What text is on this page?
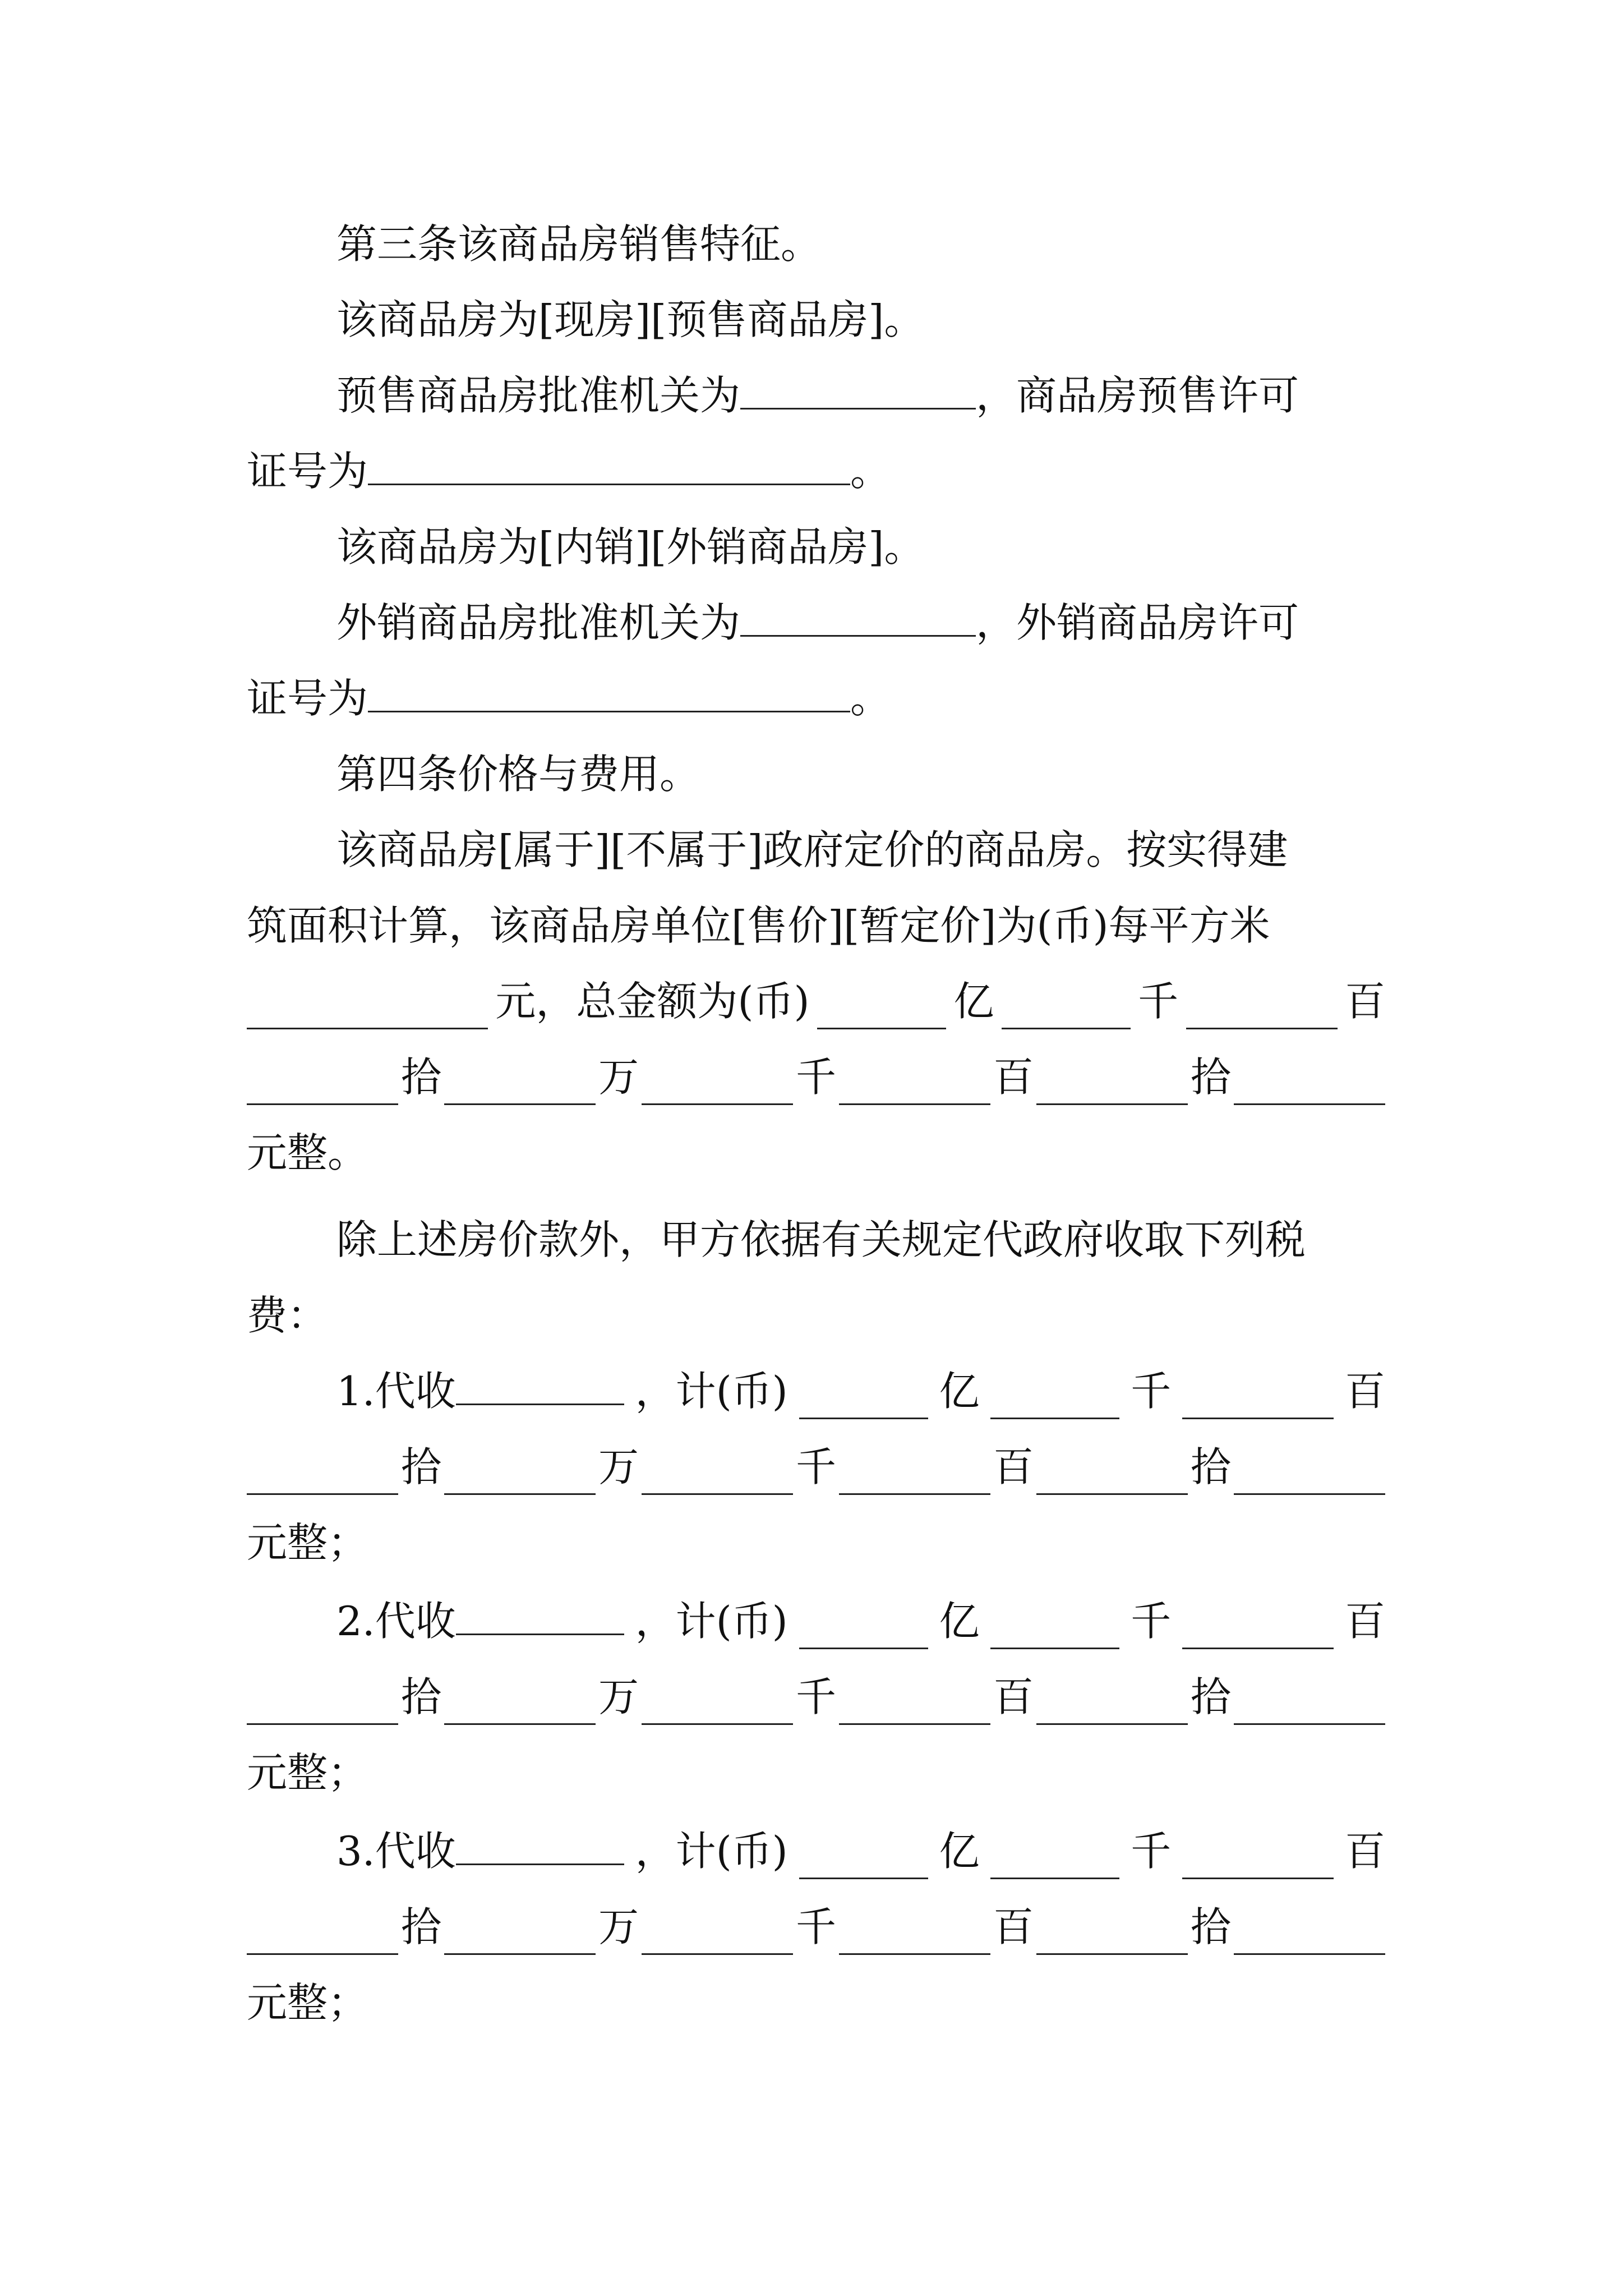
第三条该商品房销售特征。
该商品房为[现房][预售商品房]。
预售商品房批准机关为	，商品房预售许可
证号为	。
该商品房为[内销][外销商品房]。
外销商品房批准机关为	，外销商品房许可
证号为	。
第四条价格与费用。
该商品房[属于][不属于]政府定价的商品房。按实得建
筑面积计算，该商品房单位[售价][暂定价]为(币)每平方米
元，总金额为(币)	亿	千	百
拾	万	千	百	拾
元整。
除上述房价款外，甲方依据有关规定代政府收取下列税
费：
1.代收	，计(币)	亿	千	百
拾	万	千	百	拾
元整；
2.代收	，计(币)	亿	千	百
拾	万	千	百	拾
元整；
3.代收	，计(币)	亿	千	百
拾	万	千	百	拾
元整；
